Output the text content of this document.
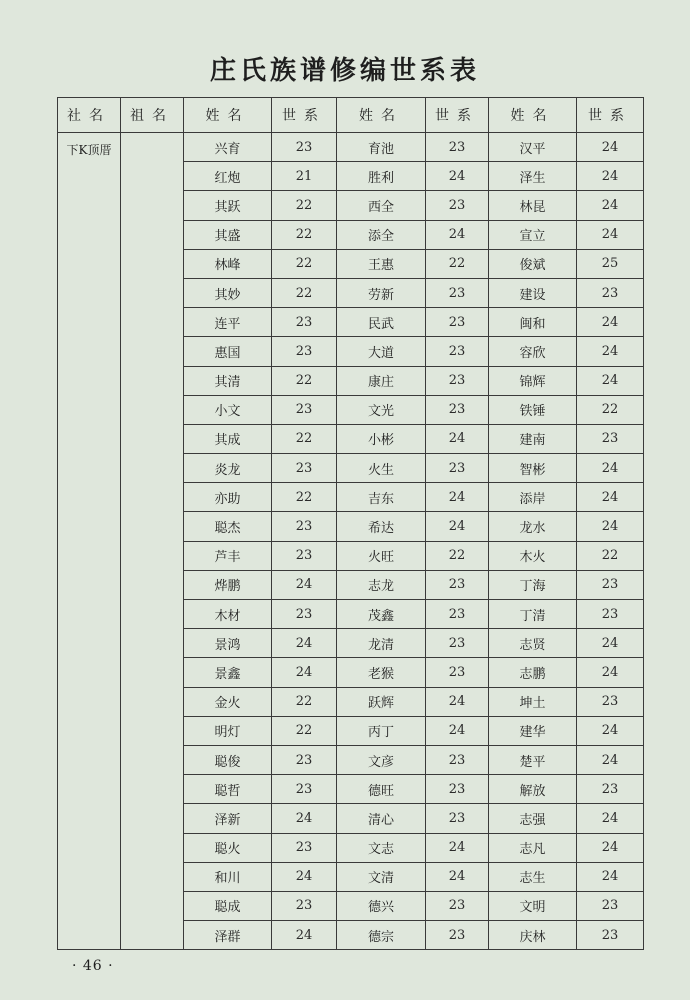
庄氏族谱修编世系表
社名	祖名	姓名	世系	姓名	世系	姓名	世系
下K顶厝		兴育	23	育池	23	汉平	24
		红炮	21	胜利	24	泽生	24
		其跃	22	西全	23	林昆	24
		其盛	22	添全	24	宣立	24
		林峰	22	王惠	22	俊斌	25
		其妙	22	劳新	23	建设	23
		连平	23	民武	23	闽和	24
		惠国	23	大道	23	容欣	24
		其清	22	康庄	23	锦辉	24
		小文	23	文光	23	铁锤	22
		其成	22	小彬	24	建南	23
		炎龙	23	火生	23	智彬	24
		亦助	22	吉东	24	添岸	24
		聪杰	23	希达	24	龙水	24
		芦丰	23	火旺	22	木火	22
		烨鹏	24	志龙	23	丁海	23
		木材	23	茂鑫	23	丁清	23
		景鸿	24	龙清	23	志贤	24
		景鑫	24	老猴	23	志鹏	24
		金火	22	跃辉	24	坤土	23
		明灯	22	丙丁	24	建华	24
		聪俊	23	文彦	23	楚平	24
		聪哲	23	德旺	23	解放	23
		泽新	24	清心	23	志强	24
		聪火	23	文志	24	志凡	24
		和川	24	文清	24	志生	24
		聪成	23	德兴	23	文明	23
		泽群	24	德宗	23	庆林	23
· 46 ·
